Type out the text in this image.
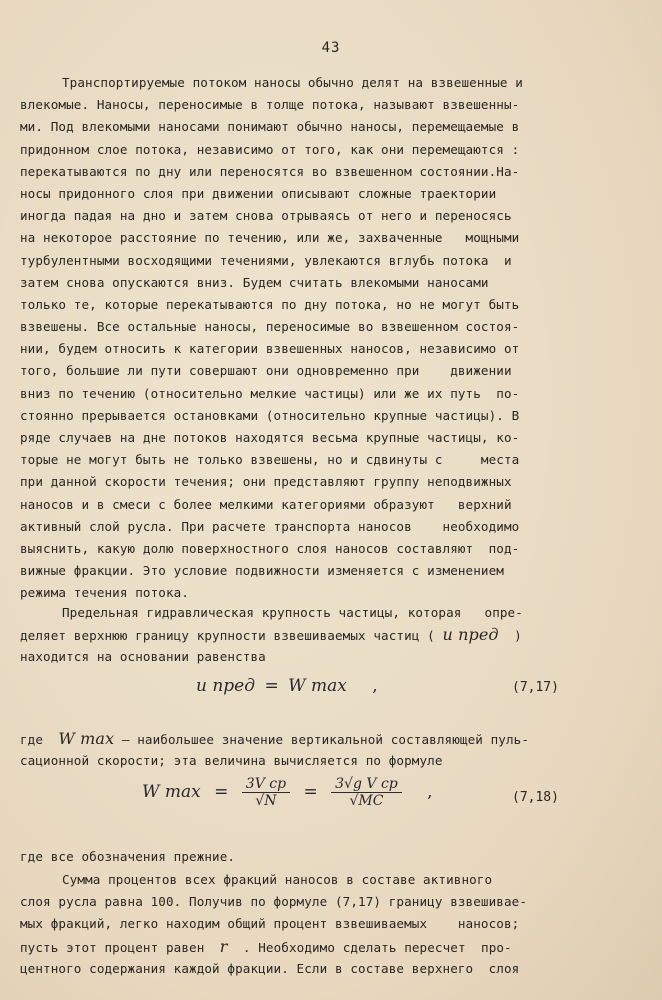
43
Транспортируемые потоком наносы обычно делят на взвешенные и
влекомые. Наносы, переносимые в толще потока, называют взвешенны-
ми. Под влекомыми наносами понимают обычно наносы, перемещаемые в
придонном слое потока, независимо от того, как они перемещаются :
перекатываются по дну или переносятся во взвешенном состоянии.На-
носы придонного слоя при движении описывают сложные траектории
иногда падая на дно и затем снова отрываясь от него и переносясь
на некоторое расстояние по течению, или же, захваченные   мощными
турбулентными восходящими течениями, увлекаются вглубь потока  и
затем снова опускаются вниз. Будем считать влекомыми наносами
только те, которые перекатываются по дну потока, но не могут быть
взвешены. Все остальные наносы, переносимые во взвешенном состоя-
нии, будем относить к категории взвешенных наносов, независимо от
того, большие ли пути совершают они одновременно при    движении
вниз по течению (относительно мелкие частицы) или же их путь  по-
стоянно прерывается остановками (относительно крупные частицы). В
ряде случаев на дне потоков находятся весьма крупные частицы, ко-
торые не могут быть не только взвешены, но и сдвинуты с     места
при данной скорости течения; они представляют группу неподвижных
наносов и в смеси с более мелкими категориями образуют   верхний
активный слой русла. При расчете транспорта наносов    необходимо
выяснить, какую долю поверхностного слоя наносов составляют  под-
вижные фракции. Это условие подвижности изменяется с изменением
режима течения потока.
Предельная гидравлическая крупность частицы, которая   опре-
деляет верхнюю границу крупности взвешиваемых частиц ( u пред )
находится на основании равенства
u пред = W max ,	(7,17)
где W max – наибольшее значение вертикальной составляющей пуль-
сационной скорости; эта величина вычисляется по формуле
W $\max = \frac{\text{3V ср}}{√N} = \frac{\text{3√g V ср}}{√MC}$ ,	(7,18)
где все обозначения прежние.
Сумма процентов всех фракций наносов в составе активного
слоя русла равна 100. Получив по формуле (7,17) границу взвешивае-
мых фракций, легко находим общий процент взвешиваемых    наносов;
пусть этот процент равен r  . Необходимо сделать пересчет  про-
центного содержания каждой фракции. Если в составе верхнего  слоя
